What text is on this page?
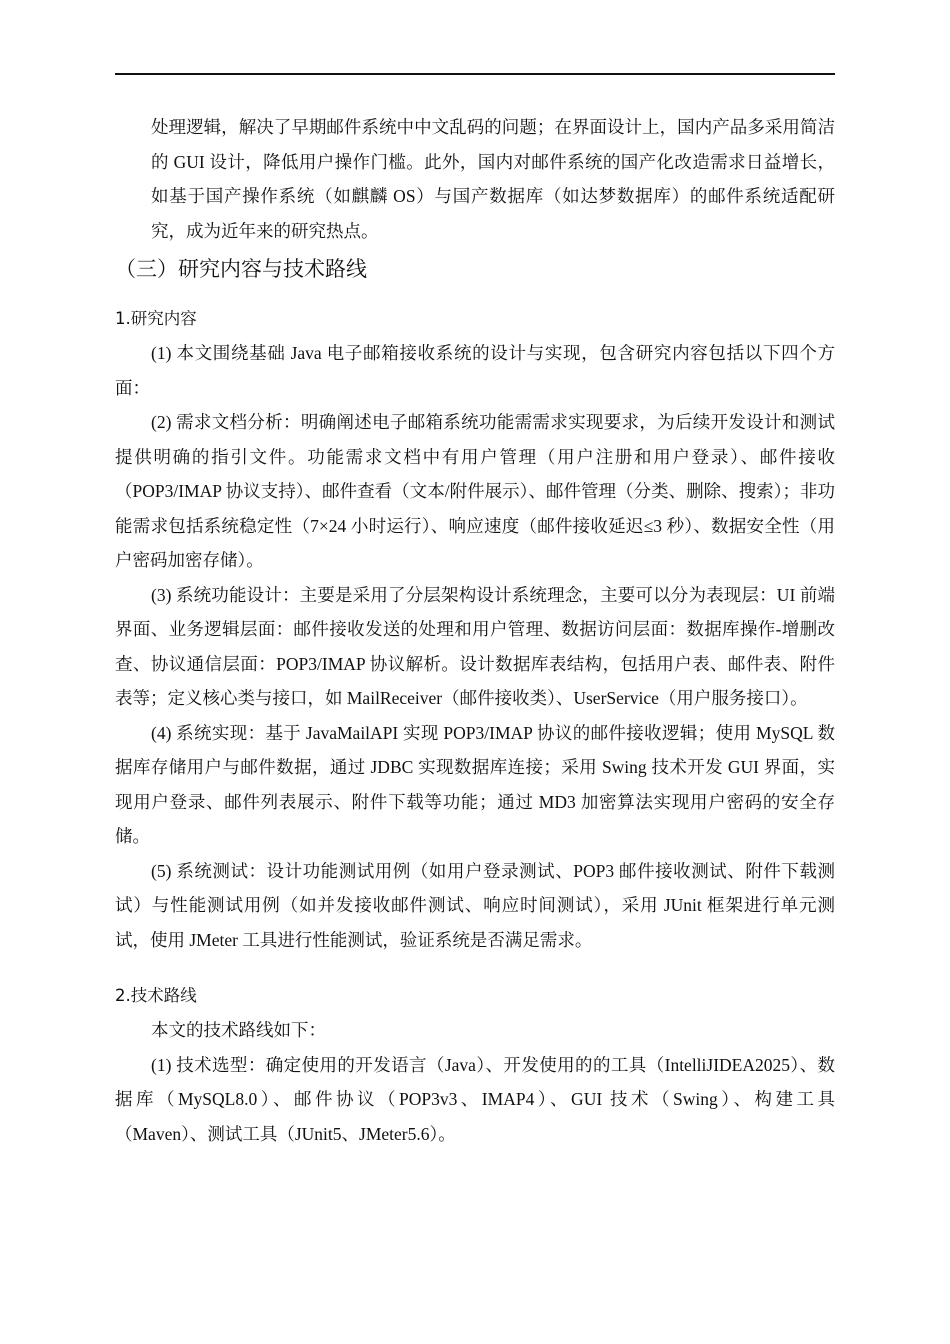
处理逻辑，解决了早期邮件系统中中文乱码的问题；在界面设计上，国内产品多采用简洁的 GUI 设计，降低用户操作门槛。此外，国内对邮件系统的国产化改造需求日益增长，如基于国产操作系统（如麒麟 OS）与国产数据库（如达梦数据库）的邮件系统适配研究，成为近年来的研究热点。

（三）研究内容与技术路线
1.研究内容

(1) 本文围绕基础 Java 电子邮箱接收系统的设计与实现，包含研究内容包括以下四个方面：

(2) 需求文档分析：明确阐述电子邮箱系统功能需需求实现要求，为后续开发设计和测试提供明确的指引文件。功能需求文档中有用户管理（用户注册和用户登录）、邮件接收（POP3/IMAP 协议支持）、邮件查看（文本/附件展示）、邮件管理（分类、删除、搜索）；非功能需求包括系统稳定性（7×24 小时运行）、响应速度（邮件接收延迟≤3 秒）、数据安全性（用户密码加密存储）。

(3) 系统功能设计：主要是采用了分层架构设计系统理念，主要可以分为表现层：UI 前端界面、业务逻辑层面：邮件接收发送的处理和用户管理、数据访问层面：数据库操作-增删改查、协议通信层面：POP3/IMAP 协议解析。设计数据库表结构，包括用户表、邮件表、附件表等；定义核心类与接口，如 MailReceiver（邮件接收类）、UserService（用户服务接口）。

(4) 系统实现：基于 JavaMailAPI 实现 POP3/IMAP 协议的邮件接收逻辑；使用 MySQL 数据库存储用户与邮件数据，通过 JDBC 实现数据库连接；采用 Swing 技术开发 GUI 界面，实现用户登录、邮件列表展示、附件下载等功能；通过 MD3 加密算法实现用户密码的安全存储。

(5) 系统测试：设计功能测试用例（如用户登录测试、POP3 邮件接收测试、附件下载测试）与性能测试用例（如并发接收邮件测试、响应时间测试），采用 JUnit 框架进行单元测试，使用 JMeter 工具进行性能测试，验证系统是否满足需求。

2.技术路线

本文的技术路线如下：

(1) 技术选型：确定使用的开发语言（Java）、开发使用的的工具（IntelliJIDEA2025）、数据库（MySQL8.0）、邮件协议（POP3v3、IMAP4）、GUI 技术（Swing）、构建工具（Maven）、测试工具（JUnit5、JMeter5.6）。
